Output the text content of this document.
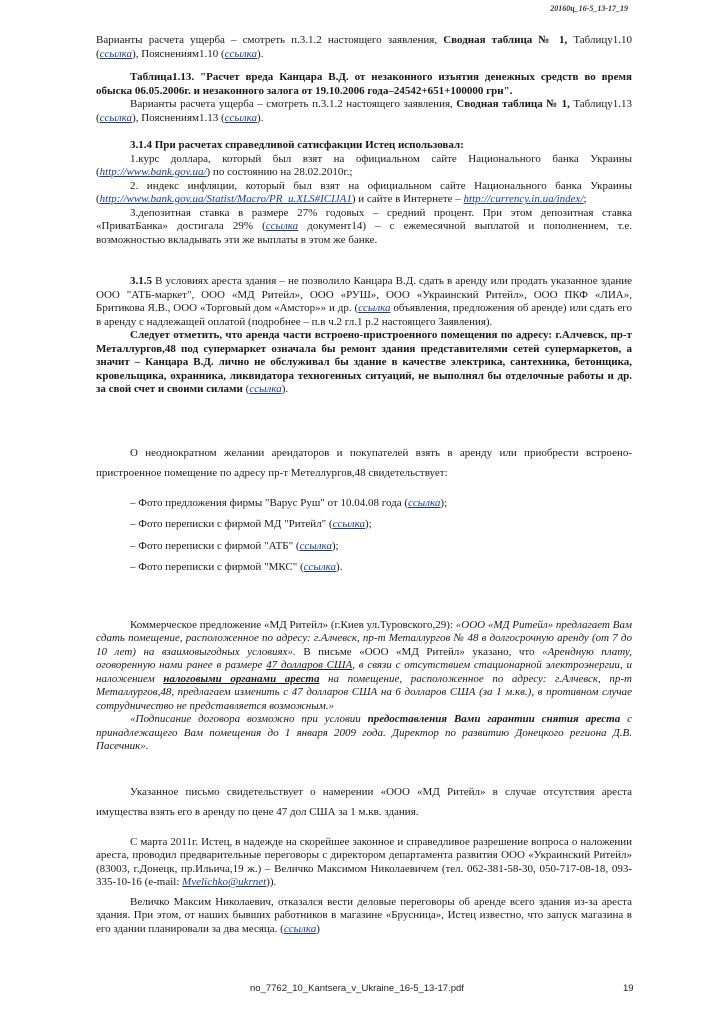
20160ц_16-5_13-17_19

Варианты расчета ущерба – смотреть п.3.1.2 настоящего заявления, Сводная таблица № 1, Таблицу1.10 (ссылка), Пояснениям1.10 (ссылка).

Таблица1.13. "Расчет вреда Канцара В.Д. от незаконного изъятия денежных средств во время обыска 06.05.2006г. и незаконного залога от 19.10.2006 года–24542+651+100000 грн".

Варианты расчета ущерба – смотреть п.3.1.2 настоящего заявления, Сводная таблица № 1, Таблицу1.13 (ссылка), Пояснениям1.13 (ссылка).

3.1.4 При расчетах справедливой сатисфакции Истец использовал:

1.курс доллара, который был взят на официальном сайте Национального банка Украины (http://www.bank.gov.ua/) по состоянию на 28.02.2010г.;

2. индекс инфляции, который был взят на официальном сайте Национального банка Украины (http://www.bank.gov.ua/Statist/Macro/PR_u.XLS#ICIJA1) и сайте в Интернете – http://currency.in.ua/index/;

3.депозитная ставка в размере 27% годовых – средний процент. При этом депозитная ставка «ПриватБанка» достигала 29% (ссылка документ14) – с ежемесячной выплатой и пополнением, т.е. возможностью вкладывать эти же выплаты в этом же банке.

3.1.5 В условиях ареста здания – не позволило Канцара В.Д. сдать в аренду или продать указанное здание ООО "АТБ-маркет", ООО «МД Ритейл», ООО «РУШ», ООО «Украинский Ритейл», ООО ПКФ «ЛИА», Бритикова Я.В., ООО «Торговый дом «Амстор»» и др. (ссылка объявления, предложения об аренде) или сдать его в аренду с надлежащей оплатой (подробнее – п.в ч.2 гл.1 р.2 настоящего Заявления).

Следует отметить, что аренда части встроено-пристроенного помещения по адресу: г.Алчевск, пр-т Металлургов,48 под супермаркет означала бы ремонт здания представителями сетей супермаркетов, а значит – Канцара В.Д. лично не обслуживал бы здание в качестве электрика, сантехника, бетонщика, кровельщика, охранника, ликвидатора техногенных ситуаций, не выполнял бы отделочные работы и др. за свой счет и своими силами (ссылка).

О неоднократном желании арендаторов и покупателей взять в аренду или приобрести встроено-пристроенное помещение по адресу пр-т Метеллургов,48 свидетельствует:

– Фото предложения фирмы "Варус Руш" от 10.04.08 года (ссылка);

– Фото переписки с фирмой МД "Ритейл" (ссылка);

– Фото переписки с фирмой "АТБ" (ссылка);

– Фото переписки с фирмой "МКС" (ссылка).

Коммерческое предложение «МД Ритейл» (г.Киев ул.Туровского,29): «ООО «МД Ритейл» предлагает Вам сдать помещение, расположенное по адресу: г.Алчевск, пр-т Металлургов № 48 в долгосрочную аренду (от 7 до 10 лет) на взаимовыгодных условиях». В письме «ООО «МД Ритейл» указано, что «Арендную плату, оговоренную нами ранее в размере 47 долларов США, в связи с отсутствием стационарной электроэнергии, и наложением налоговыми органами ареста на помещение, расположенное по адресу: г.Алчевск, пр-т Металлургов,48, предлагаем изменить с 47 долларов США на 6 долларов США (за 1 м.кв.), в противном случае сотрудничество не представляется возможным.»

«Подписание договора возможно при условии предоставления Вами гарантии снятия ареста с принадлежащего Вам помещения до 1 января 2009 года. Директор по развитию Донецкого региона Д.В. Пасечник».

Указанное письмо свидетельствует о намерении «ООО «МД Ритейл» в случае отсутствия ареста имущества взять его в аренду по цене 47 дол США за 1 м.кв. здания.

С марта 2011г. Истец, в надежде на скорейшее законное и справедливое разрешение вопроса о наложении ареста, проводил предварительные переговоры с директором департамента развития ООО «Украинский Ритейл» (83003, г.Донецк, пр.Ильича,19 ж.) – Величко Максимом Николаевичем (тел. 062-381-58-30, 050-717-08-18, 093-335-10-16 (e-mail: Mvelichko@ukrnet)).

Величко Максим Николаевич, отказался вести деловые переговоры об аренде всего здания из-за ареста здания. При этом, от наших бывших работников в магазине «Брусница», Истец известно, что запуск магазина в его здании планировали за два месяца. (ссылка)

no_7762_10_Kantsera_v_Ukraine_16-5_13-17.pdf	19
